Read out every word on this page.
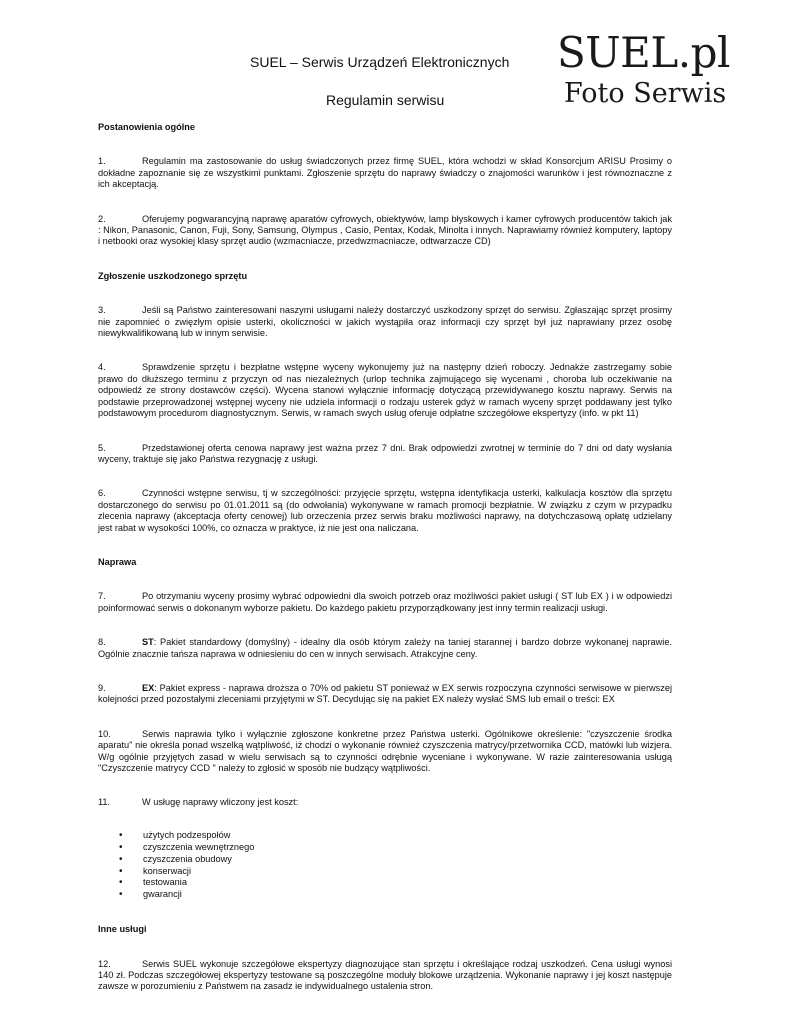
SUEL – Serwis Urządzeń Elektronicznych
Regulamin serwisu
SUEL.pl
Foto Serwis
Postanowienia ogólne
1.	Regulamin ma zastosowanie do usług świadczonych przez firmę SUEL, która wchodzi w skład Konsorcjum ARISU Prosimy o dokładne zapoznanie się ze wszystkimi punktami. Zgłoszenie sprzętu do naprawy świadczy o znajomości warunków i jest równoznaczne z ich akceptacją.
2.	Oferujemy pogwarancyjną naprawę aparatów cyfrowych, obiektywów, lamp błyskowych i kamer cyfrowych producentów takich jak : Nikon, Panasonic, Canon, Fuji, Sony, Samsung, Olympus , Casio, Pentax, Kodak, Minolta i innych. Naprawiamy również komputery, laptopy i netbooki oraz wysokiej klasy sprzęt audio (wzmacniacze, przedwzmacniacze, odtwarzacze CD)
Zgłoszenie uszkodzonego sprzętu
3.	Jeśli są Państwo zainteresowani naszymi usługami należy dostarczyć uszkodzony sprzęt do serwisu. Zgłaszając sprzęt prosimy nie zapomnieć o zwięzłym opisie usterki, okoliczności w jakich wystąpiła oraz informacji czy sprzęt był już naprawiany przez osobę niewykwalifikowaną lub w innym serwisie.
4.	Sprawdzenie sprzętu i bezpłatne wstępne wyceny wykonujemy już na następny dzień roboczy. Jednakże zastrzegamy sobie prawo do dłuższego terminu z przyczyn od nas niezależnych (urlop technika zajmującego się wycenami , choroba lub oczekiwanie na odpowiedź ze strony dostawców części). Wycena stanowi wyłącznie informację dotyczącą przewidywanego kosztu naprawy. Serwis na podstawie przeprowadzonej wstępnej wyceny nie udziela informacji o rodzaju usterek gdyż w ramach wyceny sprzęt poddawany jest tylko podstawowym procedurom diagnostycznym. Serwis, w ramach swych usług oferuje odpłatne szczegółowe ekspertyzy (info. w pkt 11)
5.	Przedstawionej oferta cenowa naprawy jest ważna przez 7 dni. Brak odpowiedzi zwrotnej w terminie do 7 dni od daty wysłania wyceny, traktuje się jako Państwa rezygnację z usługi.
6.	Czynności wstępne serwisu, tj w szczególności: przyjęcie sprzętu, wstępna identyfikacja usterki, kalkulacja kosztów dla sprzętu dostarczonego do serwisu po 01.01.2011 są (do odwołania) wykonywane w ramach promocji bezpłatnie. W związku z czym w przypadku zlecenia naprawy (akceptacja oferty cenowej) lub orzeczenia przez serwis braku możliwości naprawy, na dotychczasową opłatę udzielany jest rabat w wysokości 100%, co oznacza w praktyce, iż nie jest ona naliczana.
Naprawa
7.	Po otrzymaniu wyceny prosimy wybrać odpowiedni dla swoich potrzeb oraz możliwości pakiet usługi ( ST lub EX ) i w odpowiedzi poinformować serwis o dokonanym wyborze pakietu. Do każdego pakietu przyporządkowany jest inny termin realizacji usługi.
8.	ST: Pakiet standardowy (domyślny) - idealny dla osób którym zależy na taniej starannej i bardzo dobrze wykonanej naprawie. Ogólnie znacznie tańsza naprawa w odniesieniu do cen w innych serwisach. Atrakcyjne ceny.
9.	EX: Pakiet express - naprawa droższa o 70% od pakietu ST ponieważ w EX serwis rozpoczyna czynności serwisowe w pierwszej kolejności przed pozostałymi zleceniami przyjętymi w ST. Decydując się na pakiet EX należy wysłać SMS lub email o treści: EX
10.	Serwis naprawia tylko i wyłącznie zgłoszone konkretne przez Państwa usterki. Ogólnikowe określenie: "czyszczenie środka aparatu" nie określa ponad wszelką wątpliwość, iż chodzi o wykonanie również czyszczenia matrycy/przetwornika CCD, matówki lub wizjera. W/g ogólnie przyjętych zasad w wielu serwisach są to czynności odrębnie wyceniane i wykonywane. W razie zainteresowania usługą "Czyszczenie matrycy CCD " należy to zgłosić w sposób nie budzący wątpliwości.
11.	W usługę naprawy wliczony jest koszt:
• użytych podzespołów
• czyszczenia wewnętrznego
• czyszczenia obudowy
• konserwacji
• testowania
• gwarancji
Inne usługi
12.	Serwis SUEL wykonuje szczegółowe ekspertyzy diagnozujące stan sprzętu i określające rodzaj uszkodzeń. Cena usługi wynosi 140 zł. Podczas szczegółowej ekspertyzy testowane są poszczególne moduły blokowe urządzenia. Wykonanie naprawy i jej koszt następuje zawsze w porozumieniu z Państwem na zasadz ie indywidualnego ustalenia stron.
